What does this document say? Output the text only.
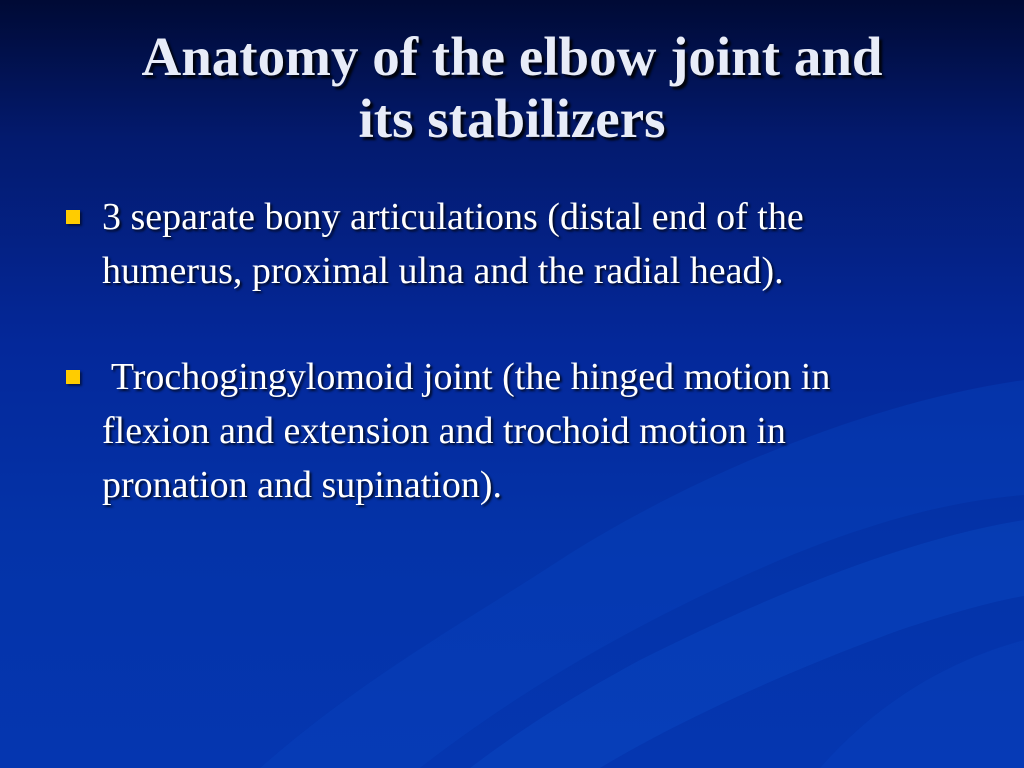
Anatomy of the elbow joint and
its stabilizers
3 separate bony articulations (distal end of the
humerus, proximal ulna and the radial head).
Trochogingylomoid joint (the hinged motion in
flexion and extension and trochoid motion in
pronation and supination).
